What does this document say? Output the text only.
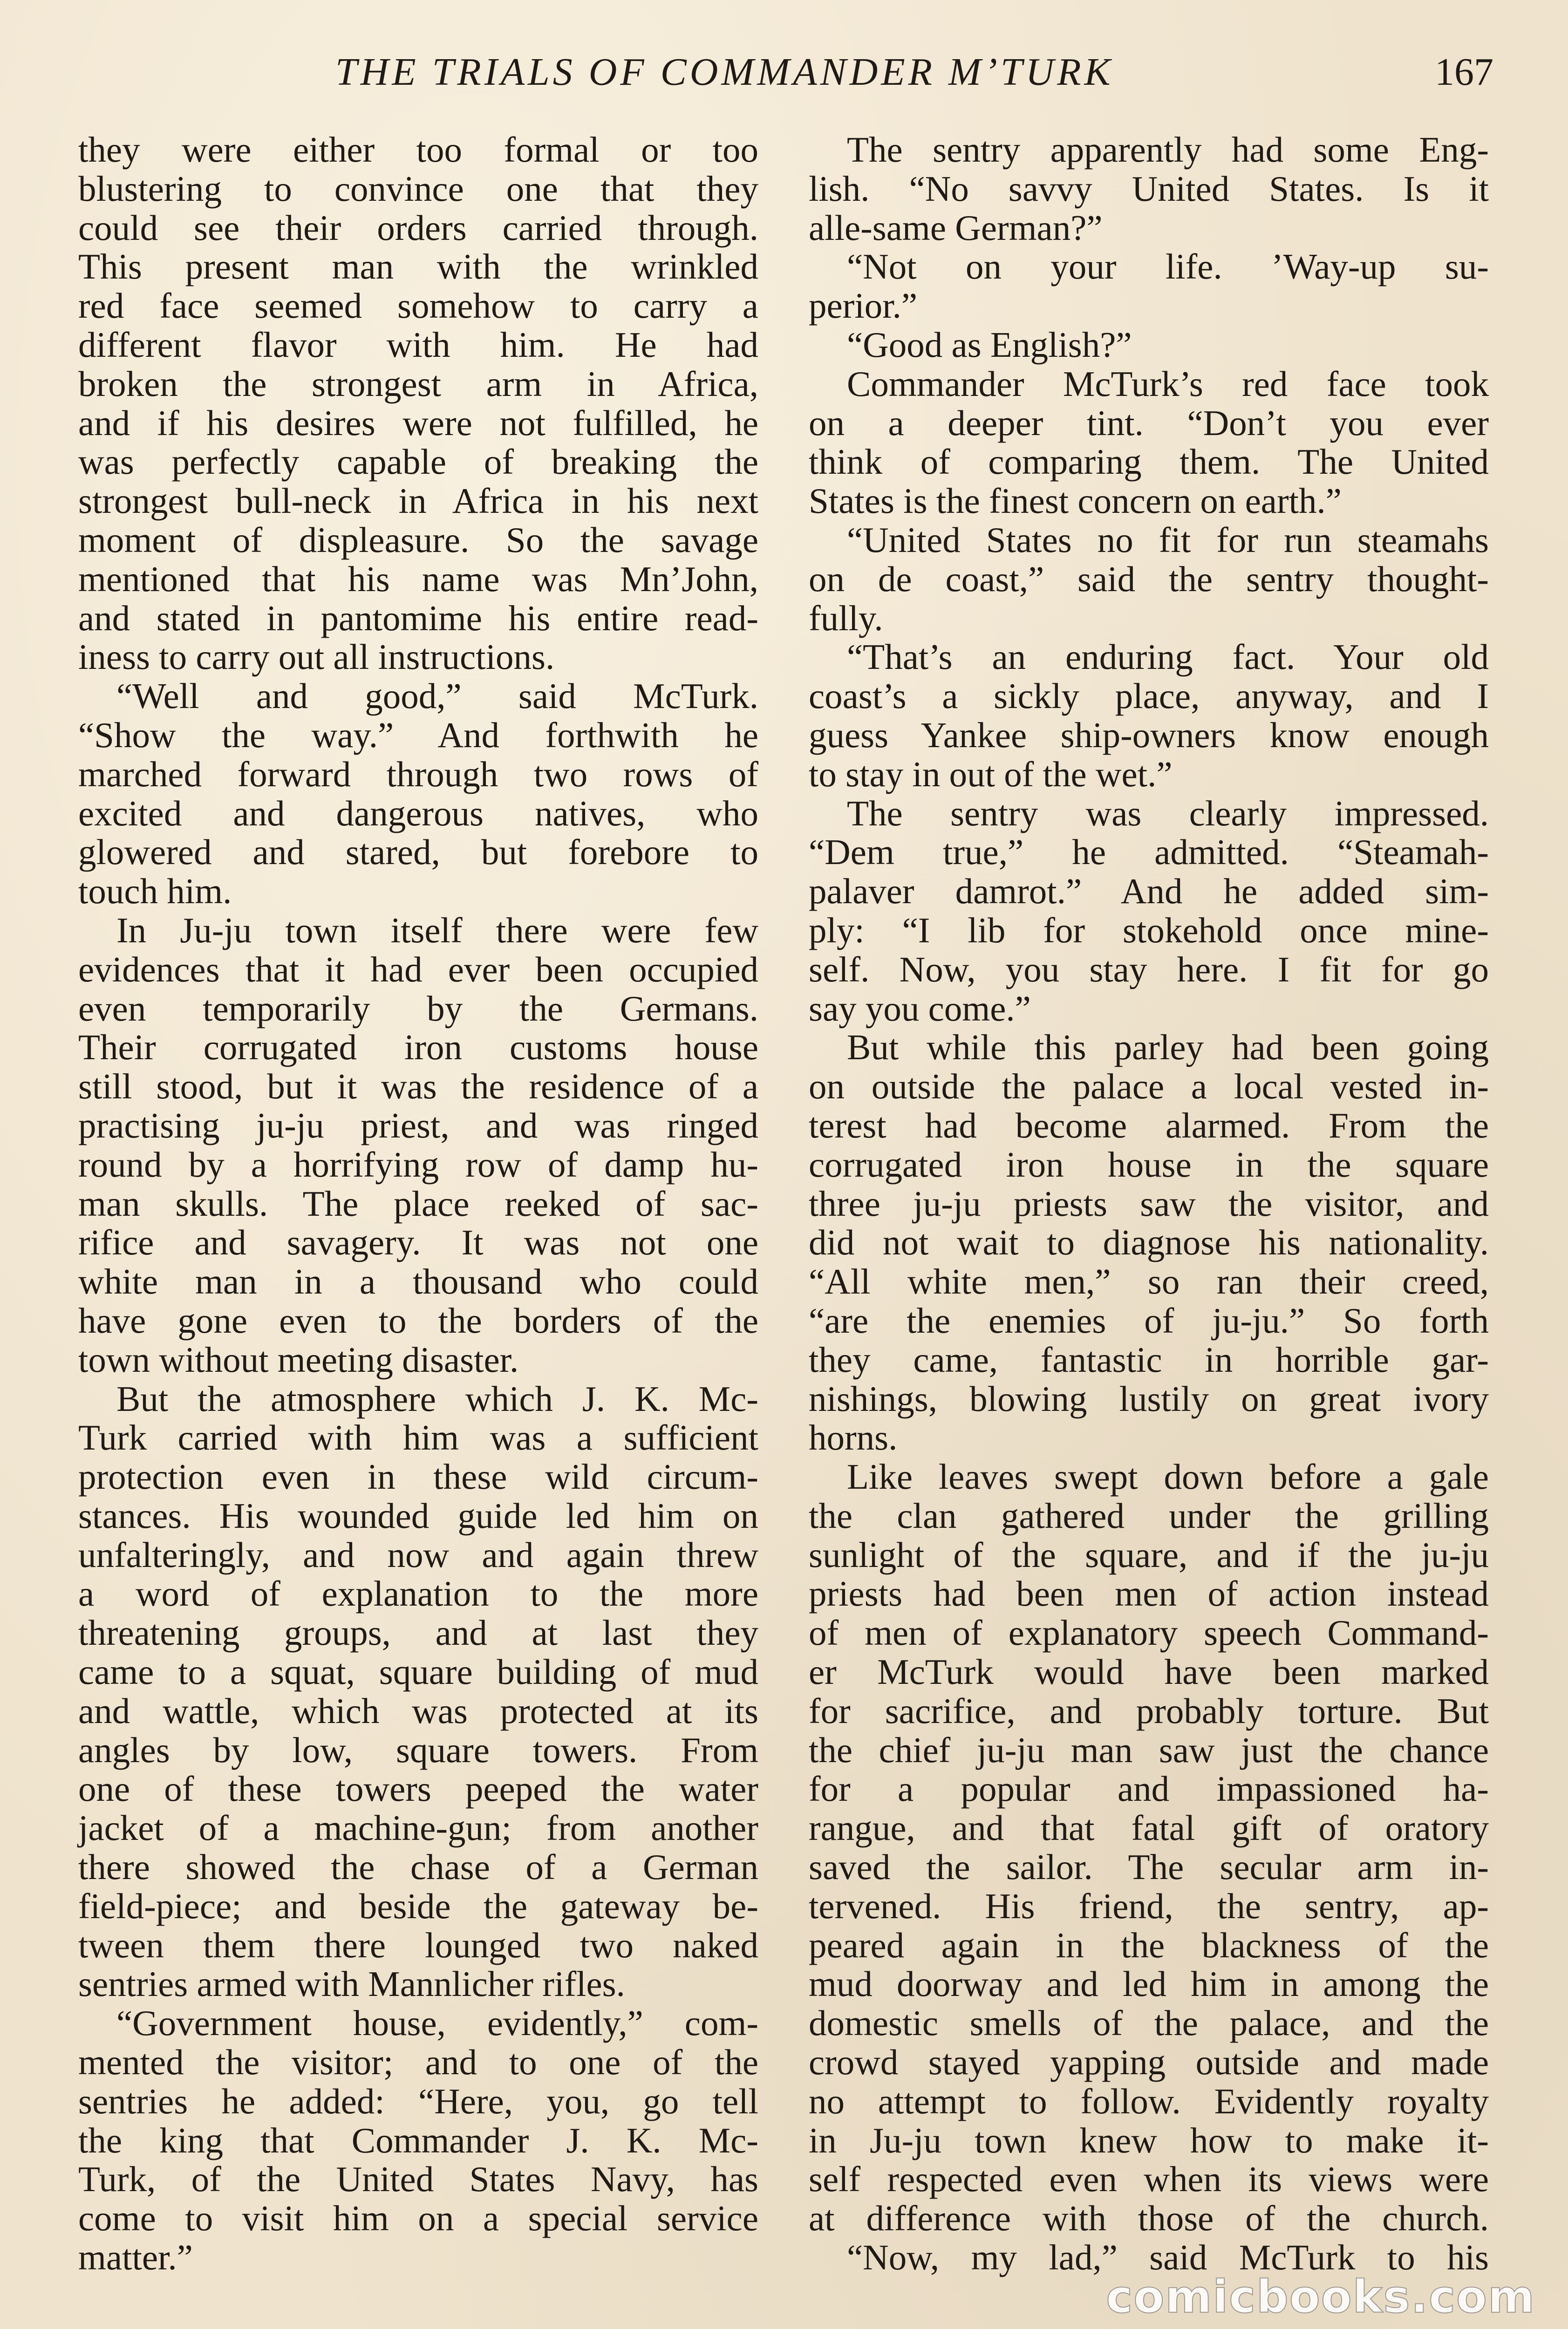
THE TRIALS OF COMMANDER M’TURK	167
they were either too formal or too
blustering to convince one that they
could see their orders carried through.
This present man with the wrinkled
red face seemed somehow to carry a
different flavor with him. He had
broken the strongest arm in Africa,
and if his desires were not fulfilled, he
was perfectly capable of breaking the
strongest bull-neck in Africa in his next
moment of displeasure. So the savage
mentioned that his name was Mn’John,
and stated in pantomime his entire read-
iness to carry out all instructions.
“Well and good,” said McTurk.
“Show the way.” And forthwith he
marched forward through two rows of
excited and dangerous natives, who
glowered and stared, but forebore to
touch him.
In Ju-ju town itself there were few
evidences that it had ever been occupied
even temporarily by the Germans.
Their corrugated iron customs house
still stood, but it was the residence of a
practising ju-ju priest, and was ringed
round by a horrifying row of damp hu-
man skulls. The place reeked of sac-
rifice and savagery. It was not one
white man in a thousand who could
have gone even to the borders of the
town without meeting disaster.
But the atmosphere which J. K. Mc-
Turk carried with him was a sufficient
protection even in these wild circum-
stances. His wounded guide led him on
unfalteringly, and now and again threw
a word of explanation to the more
threatening groups, and at last they
came to a squat, square building of mud
and wattle, which was protected at its
angles by low, square towers. From
one of these towers peeped the water
jacket of a machine-gun; from another
there showed the chase of a German
field-piece; and beside the gateway be-
tween them there lounged two naked
sentries armed with Mannlicher rifles.
“Government house, evidently,” com-
mented the visitor; and to one of the
sentries he added: “Here, you, go tell
the king that Commander J. K. Mc-
Turk, of the United States Navy, has
come to visit him on a special service
matter.”
The sentry apparently had some Eng-
lish. “No savvy United States. Is it
alle-same German?”
“Not on your life. ’Way-up su-
perior.”
“Good as English?”
Commander McTurk’s red face took
on a deeper tint. “Don’t you ever
think of comparing them. The United
States is the finest concern on earth.”
“United States no fit for run steamahs
on de coast,” said the sentry thought-
fully.
“That’s an enduring fact. Your old
coast’s a sickly place, anyway, and I
guess Yankee ship-owners know enough
to stay in out of the wet.”
The sentry was clearly impressed.
“Dem true,” he admitted. “Steamah-
palaver damrot.” And he added sim-
ply: “I lib for stokehold once mine-
self. Now, you stay here. I fit for go
say you come.”
But while this parley had been going
on outside the palace a local vested in-
terest had become alarmed. From the
corrugated iron house in the square
three ju-ju priests saw the visitor, and
did not wait to diagnose his nationality.
“All white men,” so ran their creed,
“are the enemies of ju-ju.” So forth
they came, fantastic in horrible gar-
nishings, blowing lustily on great ivory
horns.
Like leaves swept down before a gale
the clan gathered under the grilling
sunlight of the square, and if the ju-ju
priests had been men of action instead
of men of explanatory speech Command-
er McTurk would have been marked
for sacrifice, and probably torture. But
the chief ju-ju man saw just the chance
for a popular and impassioned ha-
rangue, and that fatal gift of oratory
saved the sailor. The secular arm in-
tervened. His friend, the sentry, ap-
peared again in the blackness of the
mud doorway and led him in among the
domestic smells of the palace, and the
crowd stayed yapping outside and made
no attempt to follow. Evidently royalty
in Ju-ju town knew how to make it-
self respected even when its views were
at difference with those of the church.
“Now, my lad,” said McTurk to his
comicbooks.com
